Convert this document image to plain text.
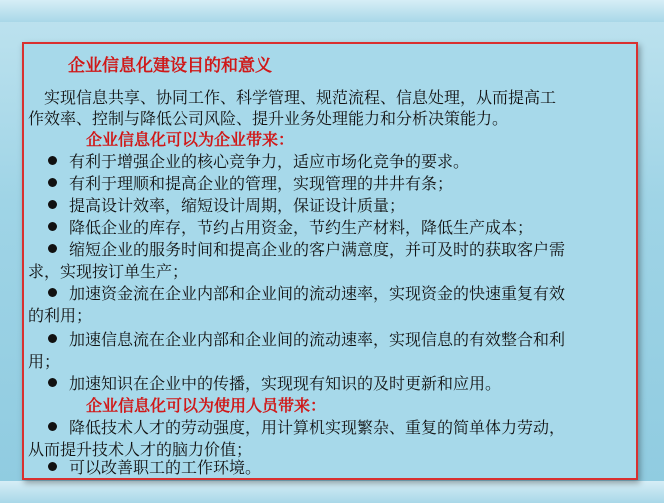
企业信息化建设目的和意义
　实现信息共享、协同工作、科学管理、规范流程、信息处理，从而提高工
作效率、控制与降低公司风险、提升业务处理能力和分析决策能力。
企业信息化可以为企业带来：
有利于增强企业的核心竞争力，适应市场化竞争的要求。
有利于理顺和提高企业的管理，实现管理的井井有条；
提高设计效率，缩短设计周期，保证设计质量；
降低企业的库存，节约占用资金，节约生产材料，降低生产成本；
缩短企业的服务时间和提高企业的客户满意度，并可及时的获取客户需
求，实现按订单生产；
加速资金流在企业内部和企业间的流动速率，实现资金的快速重复有效
的利用；
加速信息流在企业内部和企业间的流动速率，实现信息的有效整合和利
用；
加速知识在企业中的传播，实现现有知识的及时更新和应用。
企业信息化可以为使用人员带来：
降低技术人才的劳动强度，用计算机实现繁杂、重复的简单体力劳动，
从而提升技术人才的脑力价值；
可以改善职工的工作环境。
